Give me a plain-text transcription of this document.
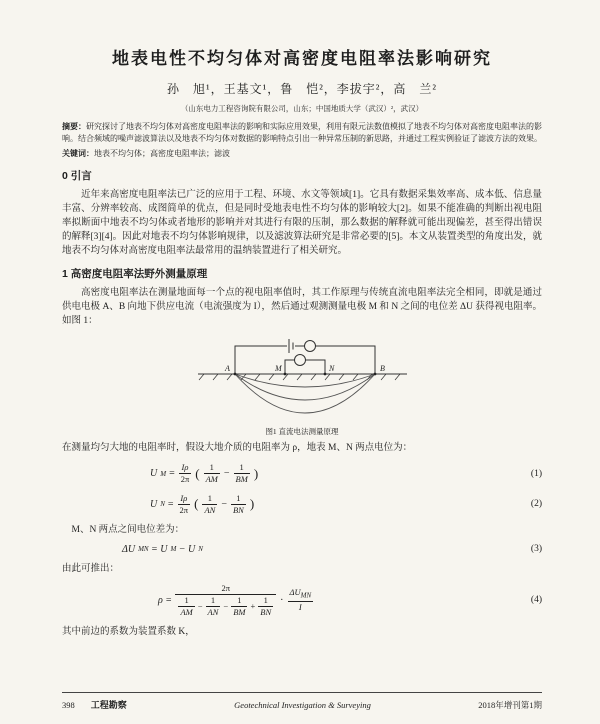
地表电性不均匀体对高密度电阻率法影响研究
孙　旭¹，王基文¹，鲁　恺²，李拔宇²，高　兰²
（山东电力工程咨询院有限公司，山东；中国地质大学（武汉）²，武汉）

摘要：研究探讨了地表不均匀体对高密度电阻率法的影响和实际应用效果，利用有限元法数值模拟了地表不均匀体对高密度电阻率法的影响。结合频域的噪声滤波算法以及地表不均匀体对数据的影响特点引出一种异常压制的新思路，并通过工程实例验证了滤波方法的效果。

关键词：地表不均匀体；高密度电阻率法；滤波

0 引言

近年来高密度电阻率法已广泛的应用于工程、环境、水文等领域[1]。它具有数据采集效率高、成本低、信息量丰富、分辨率较高、成图简单的优点，但是同时受地表电性不均匀体的影响较大[2]。如果不能准确的判断出视电阻率拟断面中地表不均匀体或者地形的影响并对其进行有限的压制，那么数据的解释就可能出现偏差，甚至得出错误的解释[3][4]。因此对地表不均匀体影响规律，以及滤波算法研究是非常必要的[5]。本文从装置类型的角度出发，就地表不均匀体对高密度电阻率法最常用的温纳装置进行了相关研究。

1 高密度电阻率法野外测量原理

高密度电阻率法在测量地面每一个点的视电阻率值时，其工作原理与传统直流电阻率法完全相同，即就是通过供电电极 A、B 向地下供应电流（电流强度为 I），然后通过观测测量电极 M 和 N 之间的电位差 ΔU 获得视电阻率。如图 1：

A	M	N	B
图1 直流电法测量原理

在测量均匀大地的电阻率时，假设大地介质的电阻率为 ρ，地表 M、N 两点电位为：

U $M = \frac{I\rho}{2\pi}$ ( $\frac{1}{AM} - \frac{1}{BM}$ )	(1)
U $N = \frac{I\rho}{2\pi}$ ( $\frac{1}{AN} - \frac{1}{BN}$ )	(2)

M、N 两点之间电位差为：

ΔU MN = U M − U N	(3)

由此可推出：

ρ =
2π
$\frac{1}{AM} - \frac{1}{AN} - \frac{1}{BM} + \frac{1}{BN} \cdot \frac{\Delta U_{MN}}{I}$	(4)

其中前边的系数为装置系数 K，

398 工程勘察	Geotechnical Investigation & Surveying	2018年增刊第1期
